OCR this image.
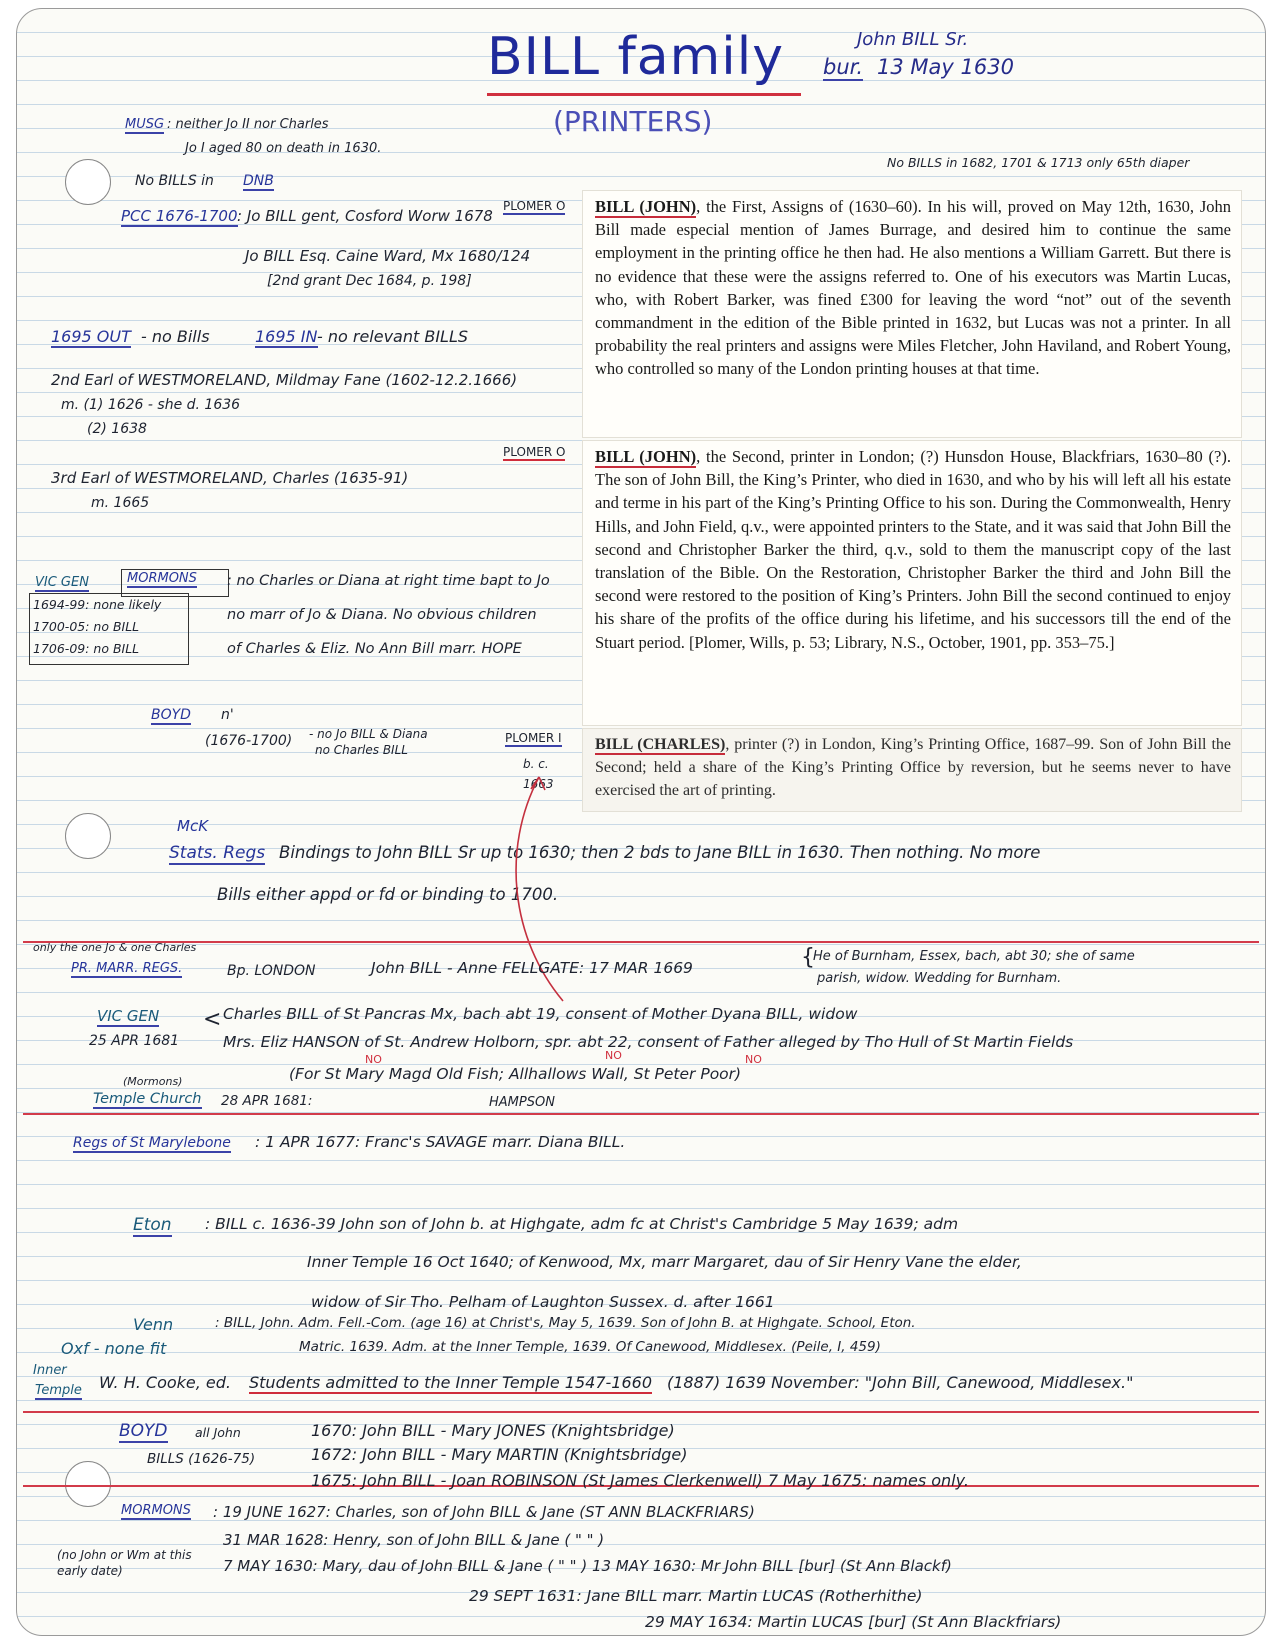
BILL family
(PRINTERS)
John BILL Sr.
bur. 13 May 1630
MUSG : neither Jo II nor Charles
Jo I aged 80 on death in 1630.
No BILLS in DNB
No BILLS in 1682, 1701 & 1713 only 65th diaper
PCC 1676-1700 : Jo BILL gent, Cosford Worw 1678
Jo BILL Esq. Caine Ward, Mx 1680/124
[2nd grant Dec 1684, p. 198]
1695 OUT - no Bills	1695 IN - no relevant BILLS
2nd Earl of WESTMORELAND, Mildmay Fane (1602-12.2.1666)
m. (1) 1626 - she d. 1636
(2) 1638
3rd Earl of WESTMORELAND, Charles (1635-91)
m. 1665
VIC GEN
1694-99: none likely
1700-05: no BILL
1706-09: no BILL
MORMONS : no Charles or Diana at right time bapt to Jo
no marr of Jo & Diana. No obvious children
of Charles & Eliz. No Ann Bill marr. HOPE
BOYD n'
(1676-1700) - no Jo BILL & Diana
no Charles BILL
PLOMER O
PLOMER O
PLOMER I
b. c.
1663
BILL (JOHN), the First, Assigns of (1630–60). In his will, proved on May 12th, 1630, John Bill made especial mention of James Burrage, and desired him to continue the same employment in the printing office he then had. He also mentions a William Garrett. But there is no evidence that these were the assigns referred to. One of his executors was Martin Lucas, who, with Robert Barker, was fined £300 for leaving the word “not” out of the seventh commandment in the edition of the Bible printed in 1632, but Lucas was not a printer. In all probability the real printers and assigns were Miles Fletcher, John Haviland, and Robert Young, who controlled so many of the London printing houses at that time.
BILL (JOHN), the Second, printer in London; (?) Hunsdon House, Blackfriars, 1630–80 (?). The son of John Bill, the King’s Printer, who died in 1630, and who by his will left all his estate and terme in his part of the King’s Printing Office to his son. During the Commonwealth, Henry Hills, and John Field, q.v., were appointed printers to the State, and it was said that John Bill the second and Christopher Barker the third, q.v., sold to them the manuscript copy of the last translation of the Bible. On the Restoration, Christopher Barker the third and John Bill the second were restored to the position of King’s Printers. John Bill the second continued to enjoy his share of the profits of the office during his lifetime, and his successors till the end of the Stuart period. [Plomer, Wills, p. 53; Library, N.S., October, 1901, pp. 353–75.]
BILL (CHARLES), printer (?) in London, King’s Printing Office, 1687–99. Son of John Bill the Second; held a share of the King’s Printing Office by reversion, but he seems never to have exercised the art of printing.
McK
Stats. Regs Bindings to John BILL Sr up to 1630; then 2 bds to Jane BILL in 1630. Then nothing. No more
Bills either appd or fd or binding to 1700.
only the one Jo & one Charles
PR. MARR. REGS.	Bp. LONDON	John BILL - Anne FELLGATE: 17 MAR 1669	{
He of Burnham, Essex, bach, abt 30; she of same
parish, widow. Wedding for Burnham.
VIC GEN
25 APR 1681
< Charles BILL of St Pancras Mx, bach abt 19, consent of Mother Dyana BILL, widow
Mrs. Eliz HANSON of St. Andrew Holborn, spr. abt 22, consent of Father alleged by Tho Hull of St Martin Fields
(For St Mary Magd Old Fish; Allhallows Wall, St Peter Poor)
NO	NO	NO
(Mormons)
Temple Church 28 APR 1681:	HAMPSON
Regs of St Marylebone : 1 APR 1677: Franc's SAVAGE marr. Diana BILL.
Eton : BILL c. 1636-39 John son of John b. at Highgate, adm fc at Christ's Cambridge 5 May 1639; adm
Inner Temple 16 Oct 1640; of Kenwood, Mx, marr Margaret, dau of Sir Henry Vane the elder,
widow of Sir Tho. Pelham of Laughton Sussex. d. after 1661
Venn	: BILL, John. Adm. Fell.-Com. (age 16) at Christ's, May 5, 1639. Son of John B. at Highgate. School, Eton.
Matric. 1639. Adm. at the Inner Temple, 1639. Of Canewood, Middlesex. (Peile, I, 459)
Oxf - none fit
Inner
Temple W. H. Cooke, ed. Students admitted to the Inner Temple 1547-1660 (1887) 1639 November: "John Bill, Canewood, Middlesex."
BOYD all John
BILLS (1626-75)
1670: John BILL - Mary JONES (Knightsbridge)
1672: John BILL - Mary MARTIN (Knightsbridge)
1675: John BILL - Joan ROBINSON (St James Clerkenwell) 7 May 1675: names only.
MORMONS : 19 JUNE 1627: Charles, son of John BILL & Jane (ST ANN BLACKFRIARS)
31 MAR 1628: Henry, son of John BILL & Jane ( " " )
7 MAY 1630: Mary, dau of John BILL & Jane ( " " ) 13 MAY 1630: Mr John BILL [bur] (St Ann Blackf)
(no John or Wm at this early date)
29 SEPT 1631: Jane BILL marr. Martin LUCAS (Rotherhithe)
29 MAY 1634: Martin LUCAS [bur] (St Ann Blackfriars)
